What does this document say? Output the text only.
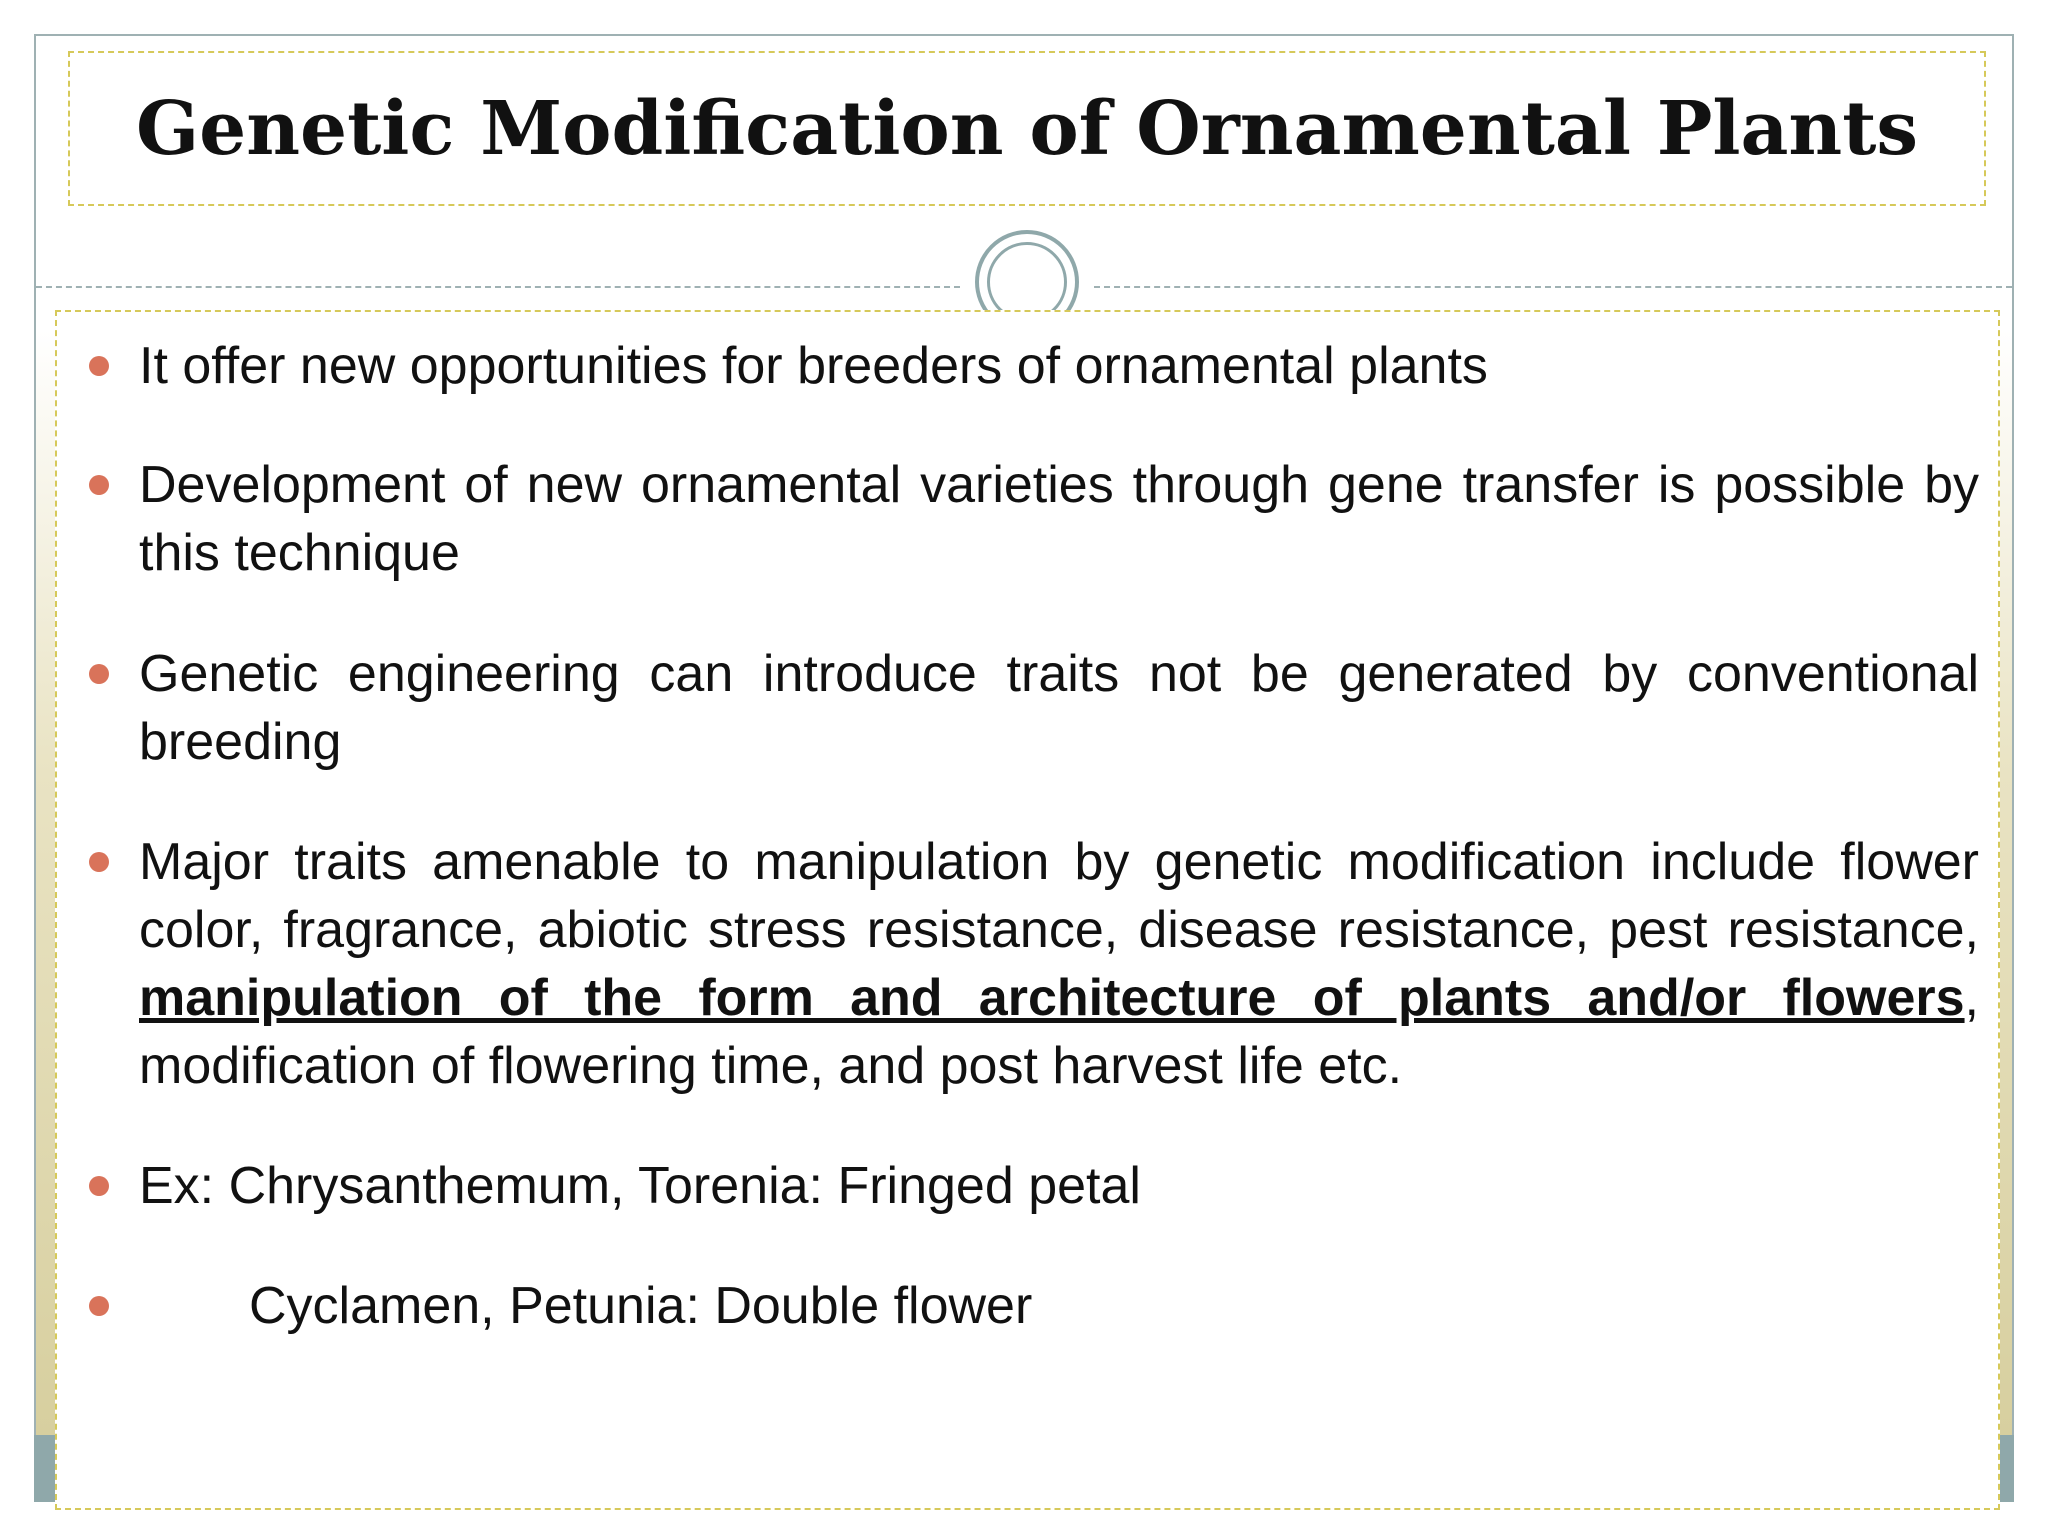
Genetic Modification of Ornamental Plants
It offer new opportunities for breeders of ornamental plants
Development of new ornamental varieties through gene transfer is possible by this technique
Genetic engineering can introduce traits not be generated by conventional breeding
Major traits amenable to manipulation by genetic modification include flower color, fragrance, abiotic stress resistance, disease resistance, pest resistance, manipulation of the form and architecture of plants and/or flowers, modification of flowering time, and post harvest life etc.
Ex: Chrysanthemum, Torenia: Fringed petal
Cyclamen, Petunia: Double flower
